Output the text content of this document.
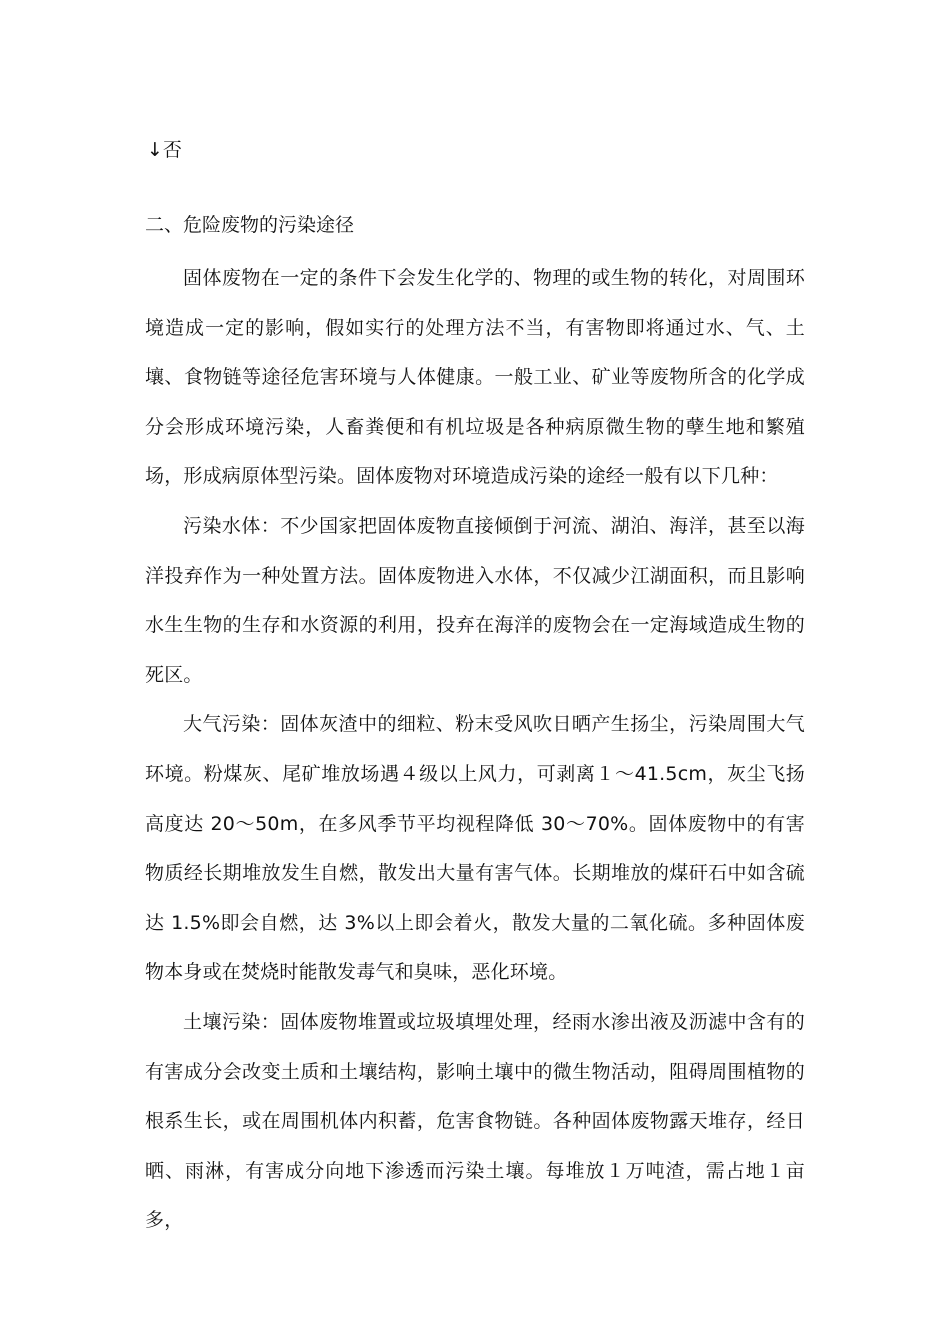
↓否
二、危险废物的污染途径

固体废物在一定的条件下会发生化学的、物理的或生物的转化，对周围环境造成一定的影响，假如实行的处理方法不当，有害物即将通过水、气、土壤、食物链等途径危害环境与人体健康。一般工业、矿业等废物所含的化学成分会形成环境污染，人畜粪便和有机垃圾是各种病原微生物的孽生地和繁殖场，形成病原体型污染。固体废物对环境造成污染的途经一般有以下几种：

污染水体：不少国家把固体废物直接倾倒于河流、湖泊、海洋，甚至以海洋投弃作为一种处置方法。固体废物进入水体，不仅减少江湖面积，而且影响水生生物的生存和水资源的利用，投弃在海洋的废物会在一定海域造成生物的死区。

大气污染：固体灰渣中的细粒、粉末受风吹日晒产生扬尘，污染周围大气环境。粉煤灰、尾矿堆放场遇４级以上风力，可剥离１～41.5cm，灰尘飞扬高度达 20～50m，在多风季节平均视程降低 30～70%。固体废物中的有害物质经长期堆放发生自燃，散发出大量有害气体。长期堆放的煤矸石中如含硫达 1.5%即会自燃，达 3%以上即会着火，散发大量的二氧化硫。多种固体废物本身或在焚烧时能散发毒气和臭味，恶化环境。

土壤污染：固体废物堆置或垃圾填埋处理，经雨水渗出液及沥滤中含有的有害成分会改变土质和土壤结构，影响土壤中的微生物活动，阻碍周围植物的根系生长，或在周围机体内积蓄，危害食物链。各种固体废物露天堆存，经日晒、雨淋，有害成分向地下渗透而污染土壤。每堆放１万吨渣，需占地１亩多，
